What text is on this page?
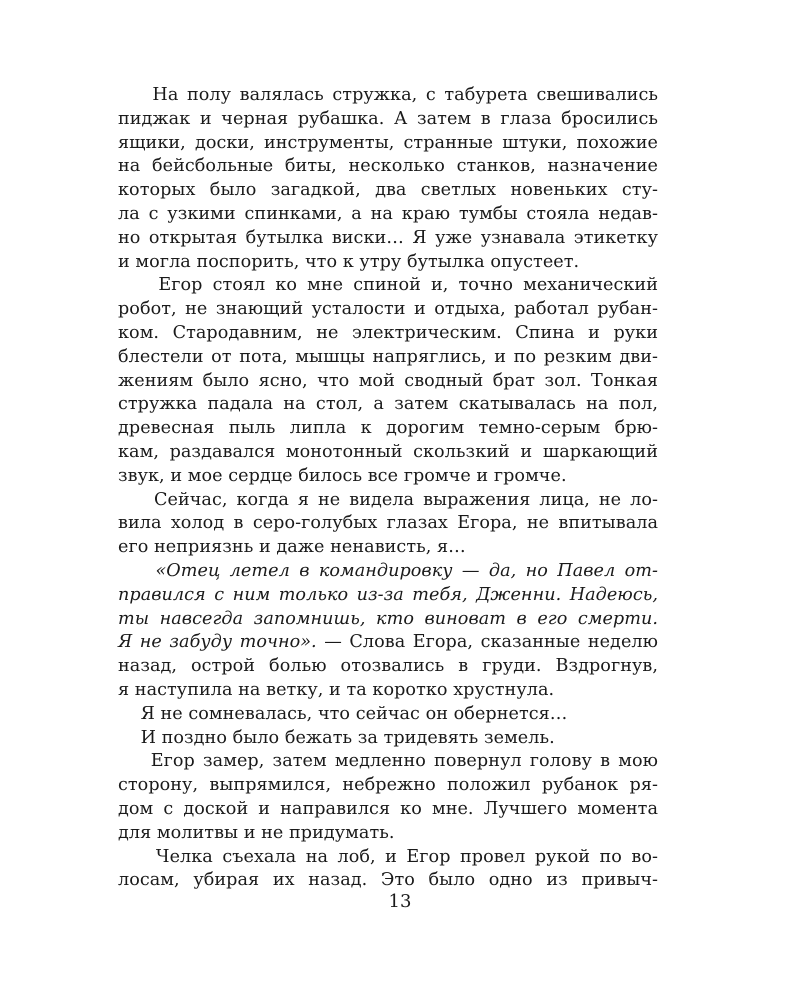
На полу валялась стружка, с табурета свешивались
пиджак и черная рубашка. А затем в глаза бросились
ящики, доски, инструменты, странные штуки, похожие
на бейсбольные биты, несколько станков, назначение
которых было загадкой, два светлых новеньких сту-
ла с узкими спинками, а на краю тумбы стояла недав-
но открытая бутылка виски… Я уже узнавала этикетку
и могла поспорить, что к утру бутылка опустеет.
Егор стоял ко мне спиной и, точно механический
робот, не знающий усталости и отдыха, работал рубан-
ком. Стародавним, не электрическим. Спина и руки
блестели от пота, мышцы напряглись, и по резким дви-
жениям было ясно, что мой сводный брат зол. Тонкая
стружка падала на стол, а затем скатывалась на пол,
древесная пыль липла к дорогим темно-серым брю-
кам, раздавался монотонный скользкий и шаркающий
звук, и мое сердце билось все громче и громче.
Сейчас, когда я не видела выражения лица, не ло-
вила холод в серо-голубых глазах Егора, не впитывала
его неприязнь и даже ненависть, я…
«Отец летел в командировку — да, но Павел от-
правился с ним только из-за тебя, Дженни. Надеюсь,
ты навсегда запомнишь, кто виноват в его смерти.
Я не забуду точно». — Слова Егора, сказанные неделю
назад, острой болью отозвались в груди. Вздрогнув,
я наступила на ветку, и та коротко хрустнула.
Я не сомневалась, что сейчас он обернется…
И поздно было бежать за тридевять земель.
Егор замер, затем медленно повернул голову в мою
сторону, выпрямился, небрежно положил рубанок ря-
дом с доской и направился ко мне. Лучшего момента
для молитвы и не придумать.
Челка съехала на лоб, и Егор провел рукой по во-
лосам, убирая их назад. Это было одно из привыч-
13
